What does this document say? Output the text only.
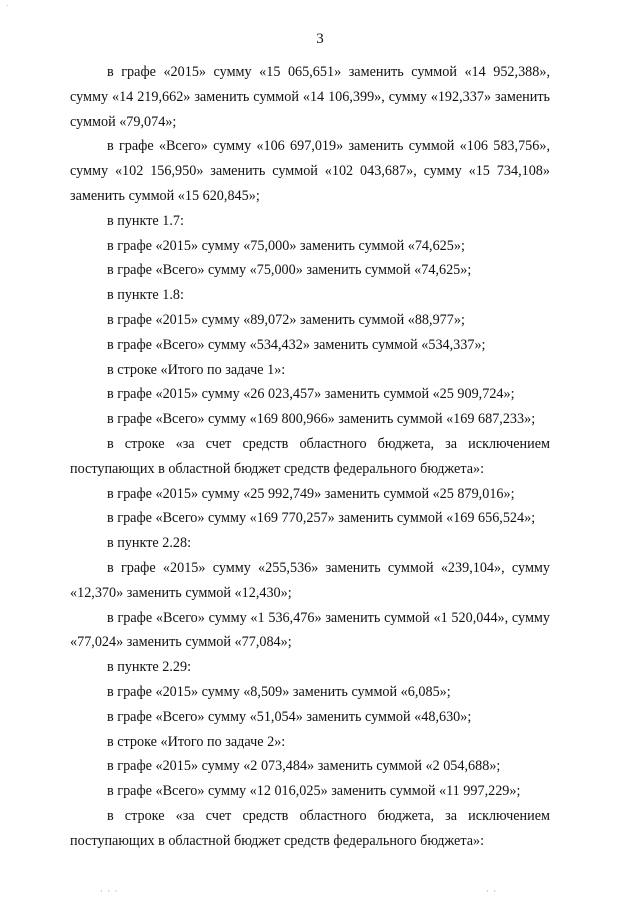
3

в графе «2015» сумму «15 065,651» заменить суммой «14 952,388», сумму «14 219,662» заменить суммой «14 106,399», сумму «192,337» заменить суммой «79,074»;

в графе «Всего» сумму «106 697,019» заменить суммой «106 583,756», сумму «102 156,950» заменить суммой «102 043,687», сумму «15 734,108» заменить суммой «15 620,845»;

в пункте 1.7:

в графе «2015» сумму «75,000» заменить суммой «74,625»;

в графе «Всего» сумму «75,000» заменить суммой «74,625»;

в пункте 1.8:

в графе «2015» сумму «89,072» заменить суммой «88,977»;

в графе «Всего» сумму «534,432» заменить суммой «534,337»;

в строке «Итого по задаче 1»:

в графе «2015» сумму «26 023,457» заменить суммой «25 909,724»;

в графе «Всего» сумму «169 800,966» заменить суммой «169 687,233»;

в строке «за счет средств областного бюджета, за исключением поступающих в областной бюджет средств федерального бюджета»:

в графе «2015» сумму «25 992,749» заменить суммой «25 879,016»;

в графе «Всего» сумму «169 770,257» заменить суммой «169 656,524»;

в пункте 2.28:

в графе «2015» сумму «255,536» заменить суммой «239,104», сумму «12,370» заменить суммой «12,430»;

в графе «Всего» сумму «1 536,476» заменить суммой «1 520,044», сумму «77,024» заменить суммой «77,084»;

в пункте 2.29:

в графе «2015» сумму «8,509» заменить суммой «6,085»;

в графе «Всего» сумму «51,054» заменить суммой «48,630»;

в строке «Итого по задаче 2»:

в графе «2015» сумму «2 073,484» заменить суммой «2 054,688»;

в графе «Всего» сумму «12 016,025» заменить суммой «11 997,229»;

в строке «за счет средств областного бюджета, за исключением поступающих в областной бюджет средств федерального бюджета»:

·
· · ·	· ·
